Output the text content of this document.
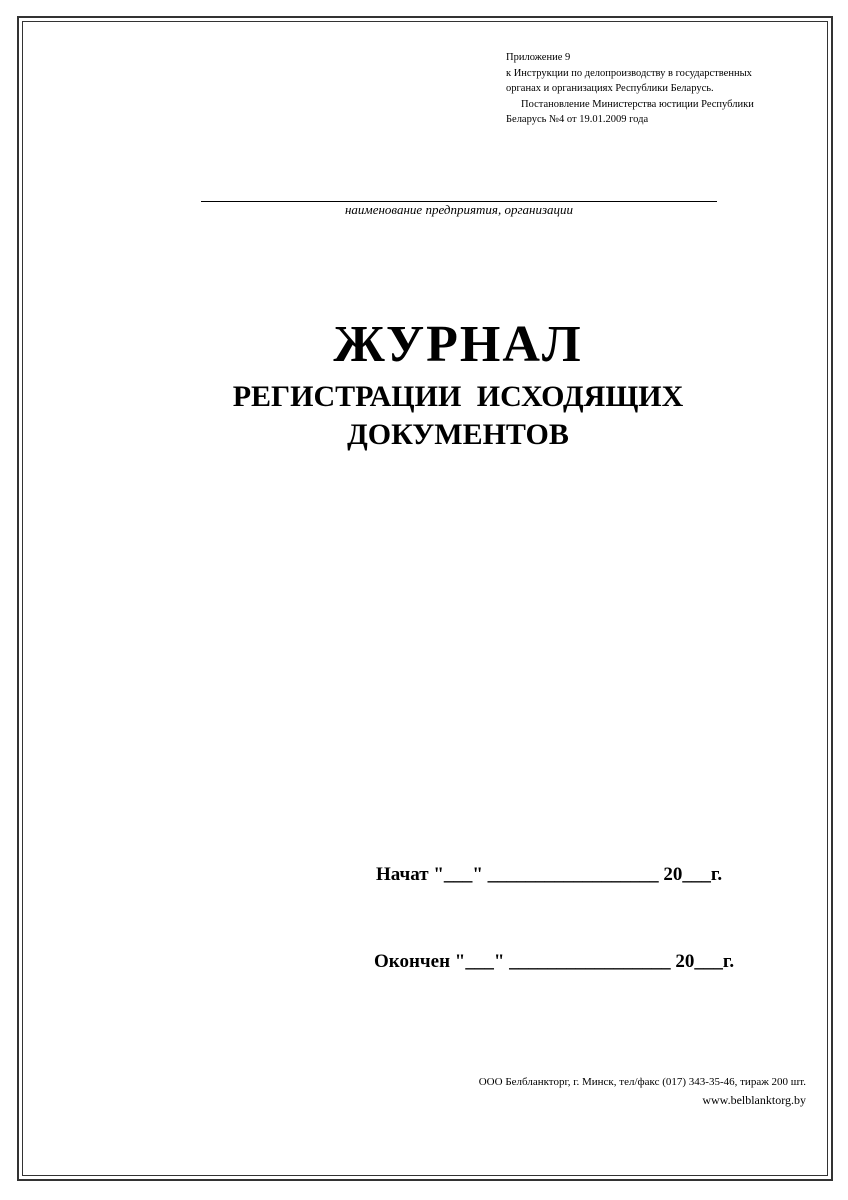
Приложение 9
к Инструкции по делопроизводству в государственных
органах и организациях Республики Беларусь.
Постановление Министерства юстиции Республики
Беларусь №4 от 19.01.2009 года
наименование предприятия, организации
ЖУРНАЛ
РЕГИСТРАЦИИ ИСХОДЯЩИХ
ДОКУМЕНТОВ
Начат "___" __________________ 20___г.
Окончен "___" _________________ 20___г.
ООО Белбланкторг, г. Минск, тел/факс (017) 343-35-46, тираж 200 шт.
www.belblanktorg.by
